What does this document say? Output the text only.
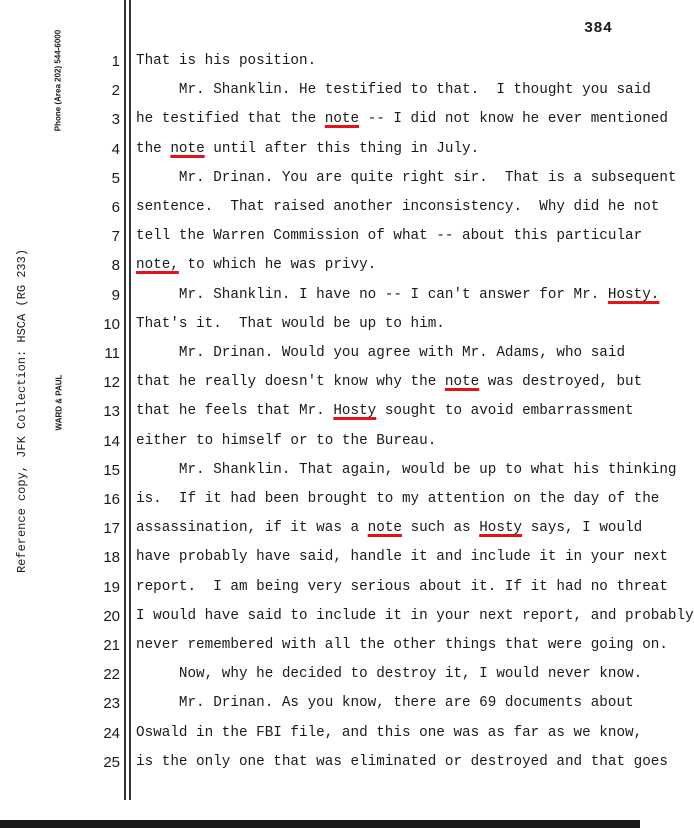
384
Phone (Area 202) 544-6000
WARD & PAUL
Reference copy, JFK Collection: HSCA (RG 233)
1 That is his position.
2 Mr. Shanklin. He testified to that.  I thought you said
3 he testified that the note -- I did not know he ever mentioned
4 the note until after this thing in July.
5 Mr. Drinan. You are quite right sir.  That is a subsequent
6 sentence.  That raised another inconsistency.  Why did he not
7 tell the Warren Commission of what -- about this particular
8 note, to which he was privy.
9 Mr. Shanklin. I have no -- I can't answer for Mr. Hosty.
10 That's it.  That would be up to him.
11 Mr. Drinan. Would you agree with Mr. Adams, who said
12 that he really doesn't know why the note was destroyed, but
13 that he feels that Mr. Hosty sought to avoid embarrassment
14 either to himself or to the Bureau.
15 Mr. Shanklin. That again, would be up to what his thinking
16 is.  If it had been brought to my attention on the day of the
17 assassination, if it was a note such as Hosty says, I would
18 have probably have said, handle it and include it in your next
19 report.  I am being very serious about it. If it had no threat
20 I would have said to include it in your next report, and probably
21 never remembered with all the other things that were going on.
22 Now, why he decided to destroy it, I would never know.
23 Mr. Drinan. As you know, there are 69 documents about
24 Oswald in the FBI file, and this one was as far as we know,
25 is the only one that was eliminated or destroyed and that goes
